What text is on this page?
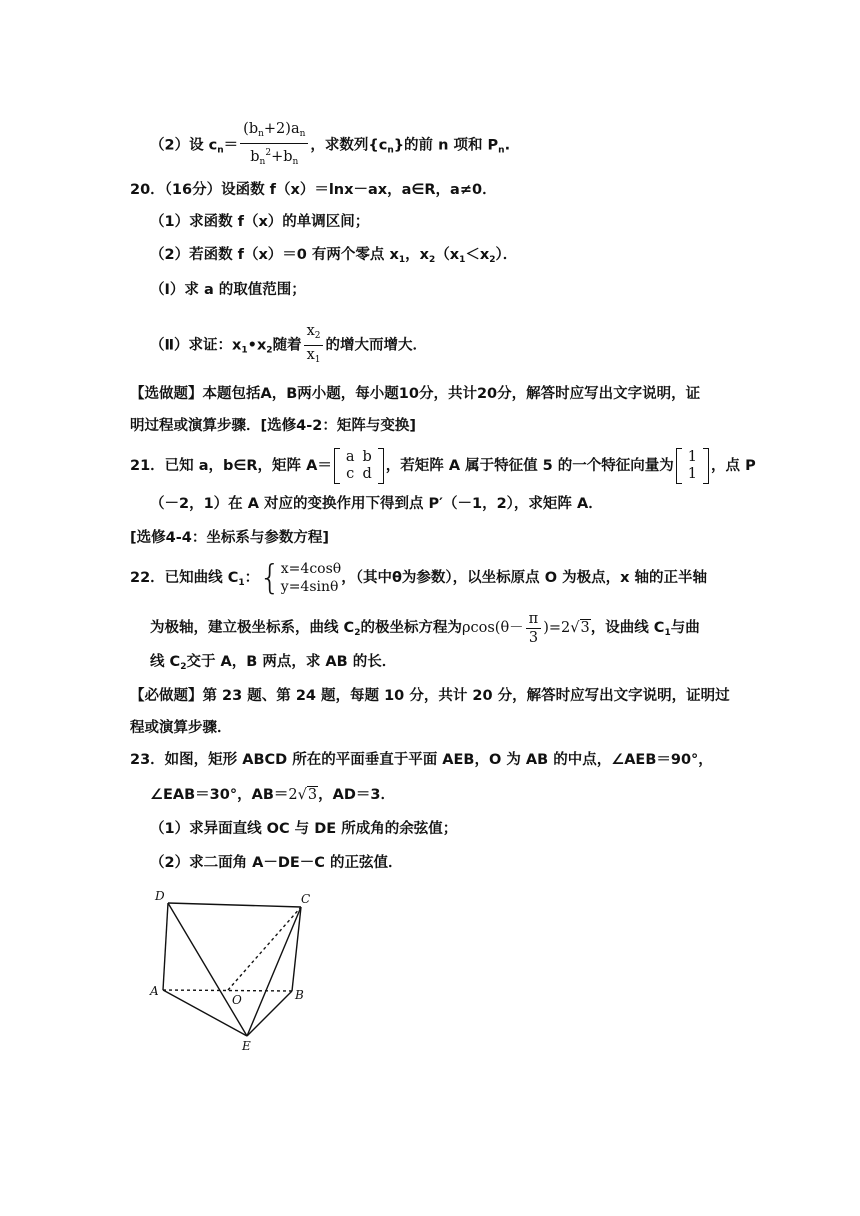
（2）设 $c_n= \frac{(b_n+2)a_n}{b_n^2+b_n}$ ，求数列$\{c_n\}$的前 n 项和 $P_n$.
20．（16分）设函数 f（x）＝lnx－ax，a∈R，a≠0．
（1）求函数 f（x）的单调区间；
（2）若函数 f（x）＝0 有两个零点 $x_1$，$x_2(x_1<x_2)$．
（Ⅰ）求 a 的取值范围；
（Ⅱ）求证：$x_1•x_2$随着 $\frac{x_2}{x_1}$ 的增大而增大．
【选做题】本题包括A，B两小题，每小题10分，共计20分，解答时应写出文字说明，证
明过程或演算步骤．[选修4-2：矩阵与变换]
21．已知 a，b∈R，矩阵 A＝
a	b
c	d ，若矩阵 A 属于特征值 5 的一个特征向量为
1
1 ，点 P
（－2，1）在 A 对应的变换作用下得到点 P′（－1，2），求矩阵 A．
[选修4-4：坐标系与参数方程]
22．已知曲线 $C_1$：{ x=4cosθ
y=4sinθ
，（其中θ为参数），以坐标原点 O 为极点，x 轴的正半轴
为极轴，建立极坐标系，曲线 $C_2$的极坐标方程为$\rho\cos(\theta- \frac{\pi}{3} )=2√3$，设曲线 $C_1$与曲
线 $C_2$交于 A，B 两点，求 AB 的长．
【必做题】第 23 题、第 24 题，每题 10 分，共计 20 分，解答时应写出文字说明，证明过
程或演算步骤．
23．如图，矩形 ABCD 所在的平面垂直于平面 AEB，O 为 AB 的中点，∠AEB＝90°，
∠EAB＝30°，AB＝2√3，AD＝3．
（1）求异面直线 OC 与 DE 所成角的余弦值；
（2）求二面角 A－DE－C 的正弦值．
D	C
A
O	B
E
